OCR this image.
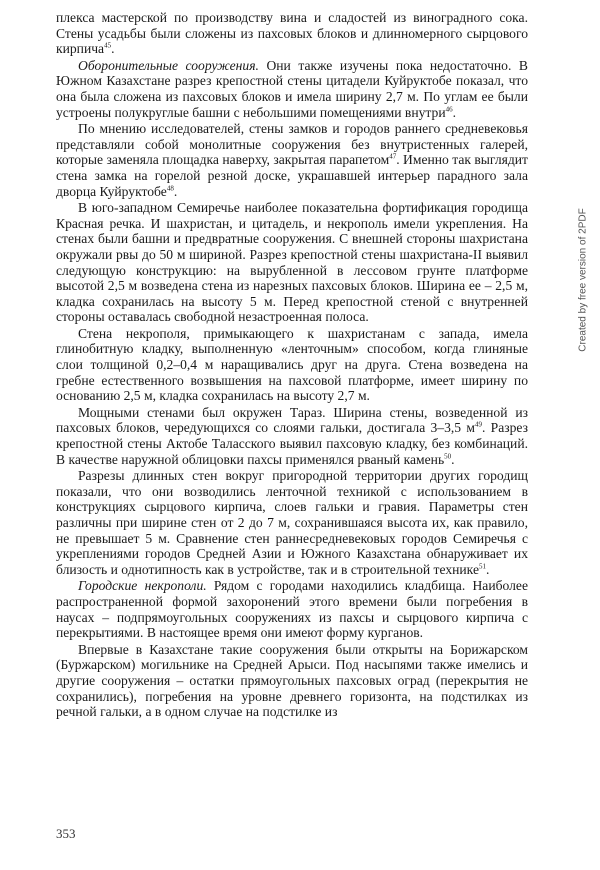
плекса мастерской по производству вина и сладостей из виноградного сока. Стены усадьбы были сложены из пахсовых блоков и длинномерного сырцового кирпича$^{45}$.

Оборонительные сооружения. Они также изучены пока недостаточно. В Южном Казахстане разрез крепостной стены цитадели Куйруктобе показал, что она была сложена из пахсовых блоков и имела ширину 2,7 м. По углам ее были устроены полукруглые башни с небольшими помещениями внутри$^{46}$.

По мнению исследователей, стены замков и городов раннего средневековья представляли собой монолитные сооружения без внутристенных галерей, которые заменяла площадка наверху, закрытая парапетом$^{47}$. Именно так выглядит стена замка на горелой резной доске, украшавшей интерьер парадного зала дворца Куйруктобе$^{48}$.

В юго-западном Семиречье наиболее показательна фортификация городища Красная речка. И шахристан, и цитадель, и некрополь имели укрепления. На стенах были башни и предвратные сооружения. С внешней стороны шахристана окружали рвы до 50 м шириной. Разрез крепостной стены шахристана-II выявил следующую конструкцию: на вырубленной в лессовом грунте платформе высотой 2,5 м возведена стена из нарезных пахсовых блоков. Ширина ее – 2,5 м, кладка сохранилась на высоту 5 м. Перед крепостной стеной с внутренней стороны оставалась свободной незастроенная полоса.

Стена некрополя, примыкающего к шахристанам с запада, имела глинобитную кладку, выполненную «ленточным» способом, когда глиняные слои толщиной 0,2–0,4 м наращивались друг на друга. Стена возведена на гребне естественного возвышения на пахсовой платформе, имеет ширину по основанию 2,5 м, кладка сохранилась на высоту 2,7 м.

Мощными стенами был окружен Тараз. Ширина стены, возведенной из пахсовых блоков, чередующихся со слоями гальки, достигала 3–3,5 $м^{49}$. Разрез крепостной стены Актобе Таласского выявил пахсовую кладку, без комбинаций. В качестве наружной облицовки пахсы применялся рваный камень$^{50}$.

Разрезы длинных стен вокруг пригородной территории других городищ показали, что они возводились ленточной техникой с использованием в конструкциях сырцового кирпича, слоев гальки и гравия. Параметры стен различны при ширине стен от 2 до 7 м, сохранившаяся высота их, как правило, не превышает 5 м. Сравнение стен раннесредневековых городов Семиречья с укреплениями городов Средней Азии и Южного Казахстана обнаруживает их близость и однотипность как в устройстве, так и в строительной технике$^{51}$.

Городские некрополи. Рядом с городами находились кладбища. Наиболее распространенной формой захоронений этого времени были погребения в наусах – подпрямоугольных сооружениях из пахсы и сырцового кирпича с перекрытиями. В настоящее время они имеют форму курганов.

Впервые в Казахстане такие сооружения были открыты на Борижарском (Буржарском) могильнике на Средней Арыси. Под насыпями также имелись и другие сооружения – остатки прямоугольных пахсовых оград (перекрытия не сохранились), погребения на уровне древнего горизонта, на подстилках из речной гальки, а в одном случае на подстилке из

Created by free version of 2PDF
353
